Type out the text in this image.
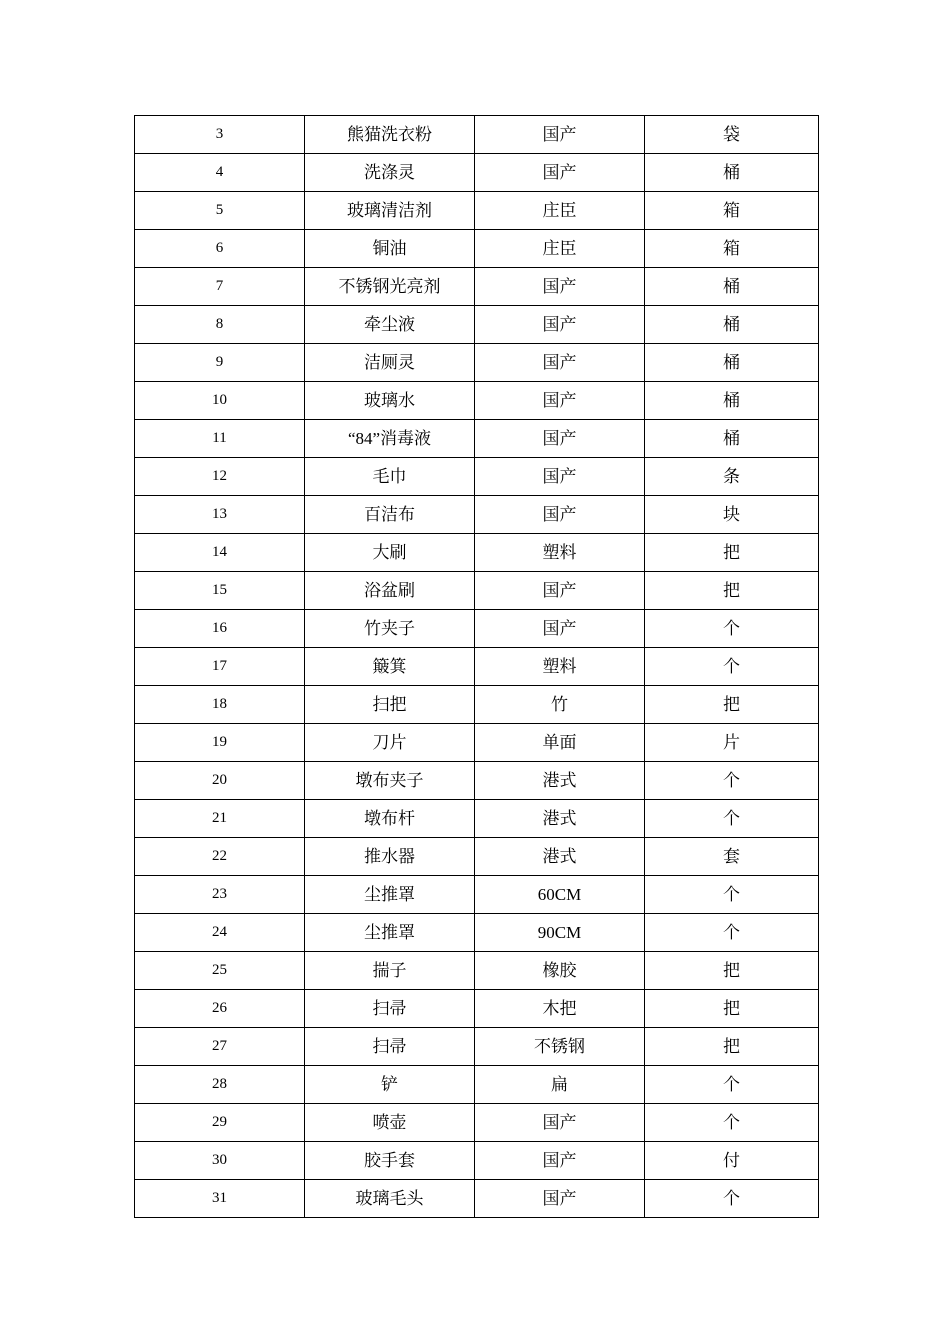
3	熊猫洗衣粉	国产	袋
4	洗涤灵	国产	桶
5	玻璃清洁剂	庄臣	箱
6	铜油	庄臣	箱
7	不锈钢光亮剂	国产	桶
8	牵尘液	国产	桶
9	洁厕灵	国产	桶
10	玻璃水	国产	桶
11	“84”消毒液	国产	桶
12	毛巾	国产	条
13	百洁布	国产	块
14	大刷	塑料	把
15	浴盆刷	国产	把
16	竹夹子	国产	个
17	簸箕	塑料	个
18	扫把	竹	把
19	刀片	单面	片
20	墩布夹子	港式	个
21	墩布杆	港式	个
22	推水器	港式	套
23	尘推罩	60CM	个
24	尘推罩	90CM	个
25	揣子	橡胶	把
26	扫帚	木把	把
27	扫帚	不锈钢	把
28	铲	扁	个
29	喷壶	国产	个
30	胶手套	国产	付
31	玻璃毛头	国产	个
